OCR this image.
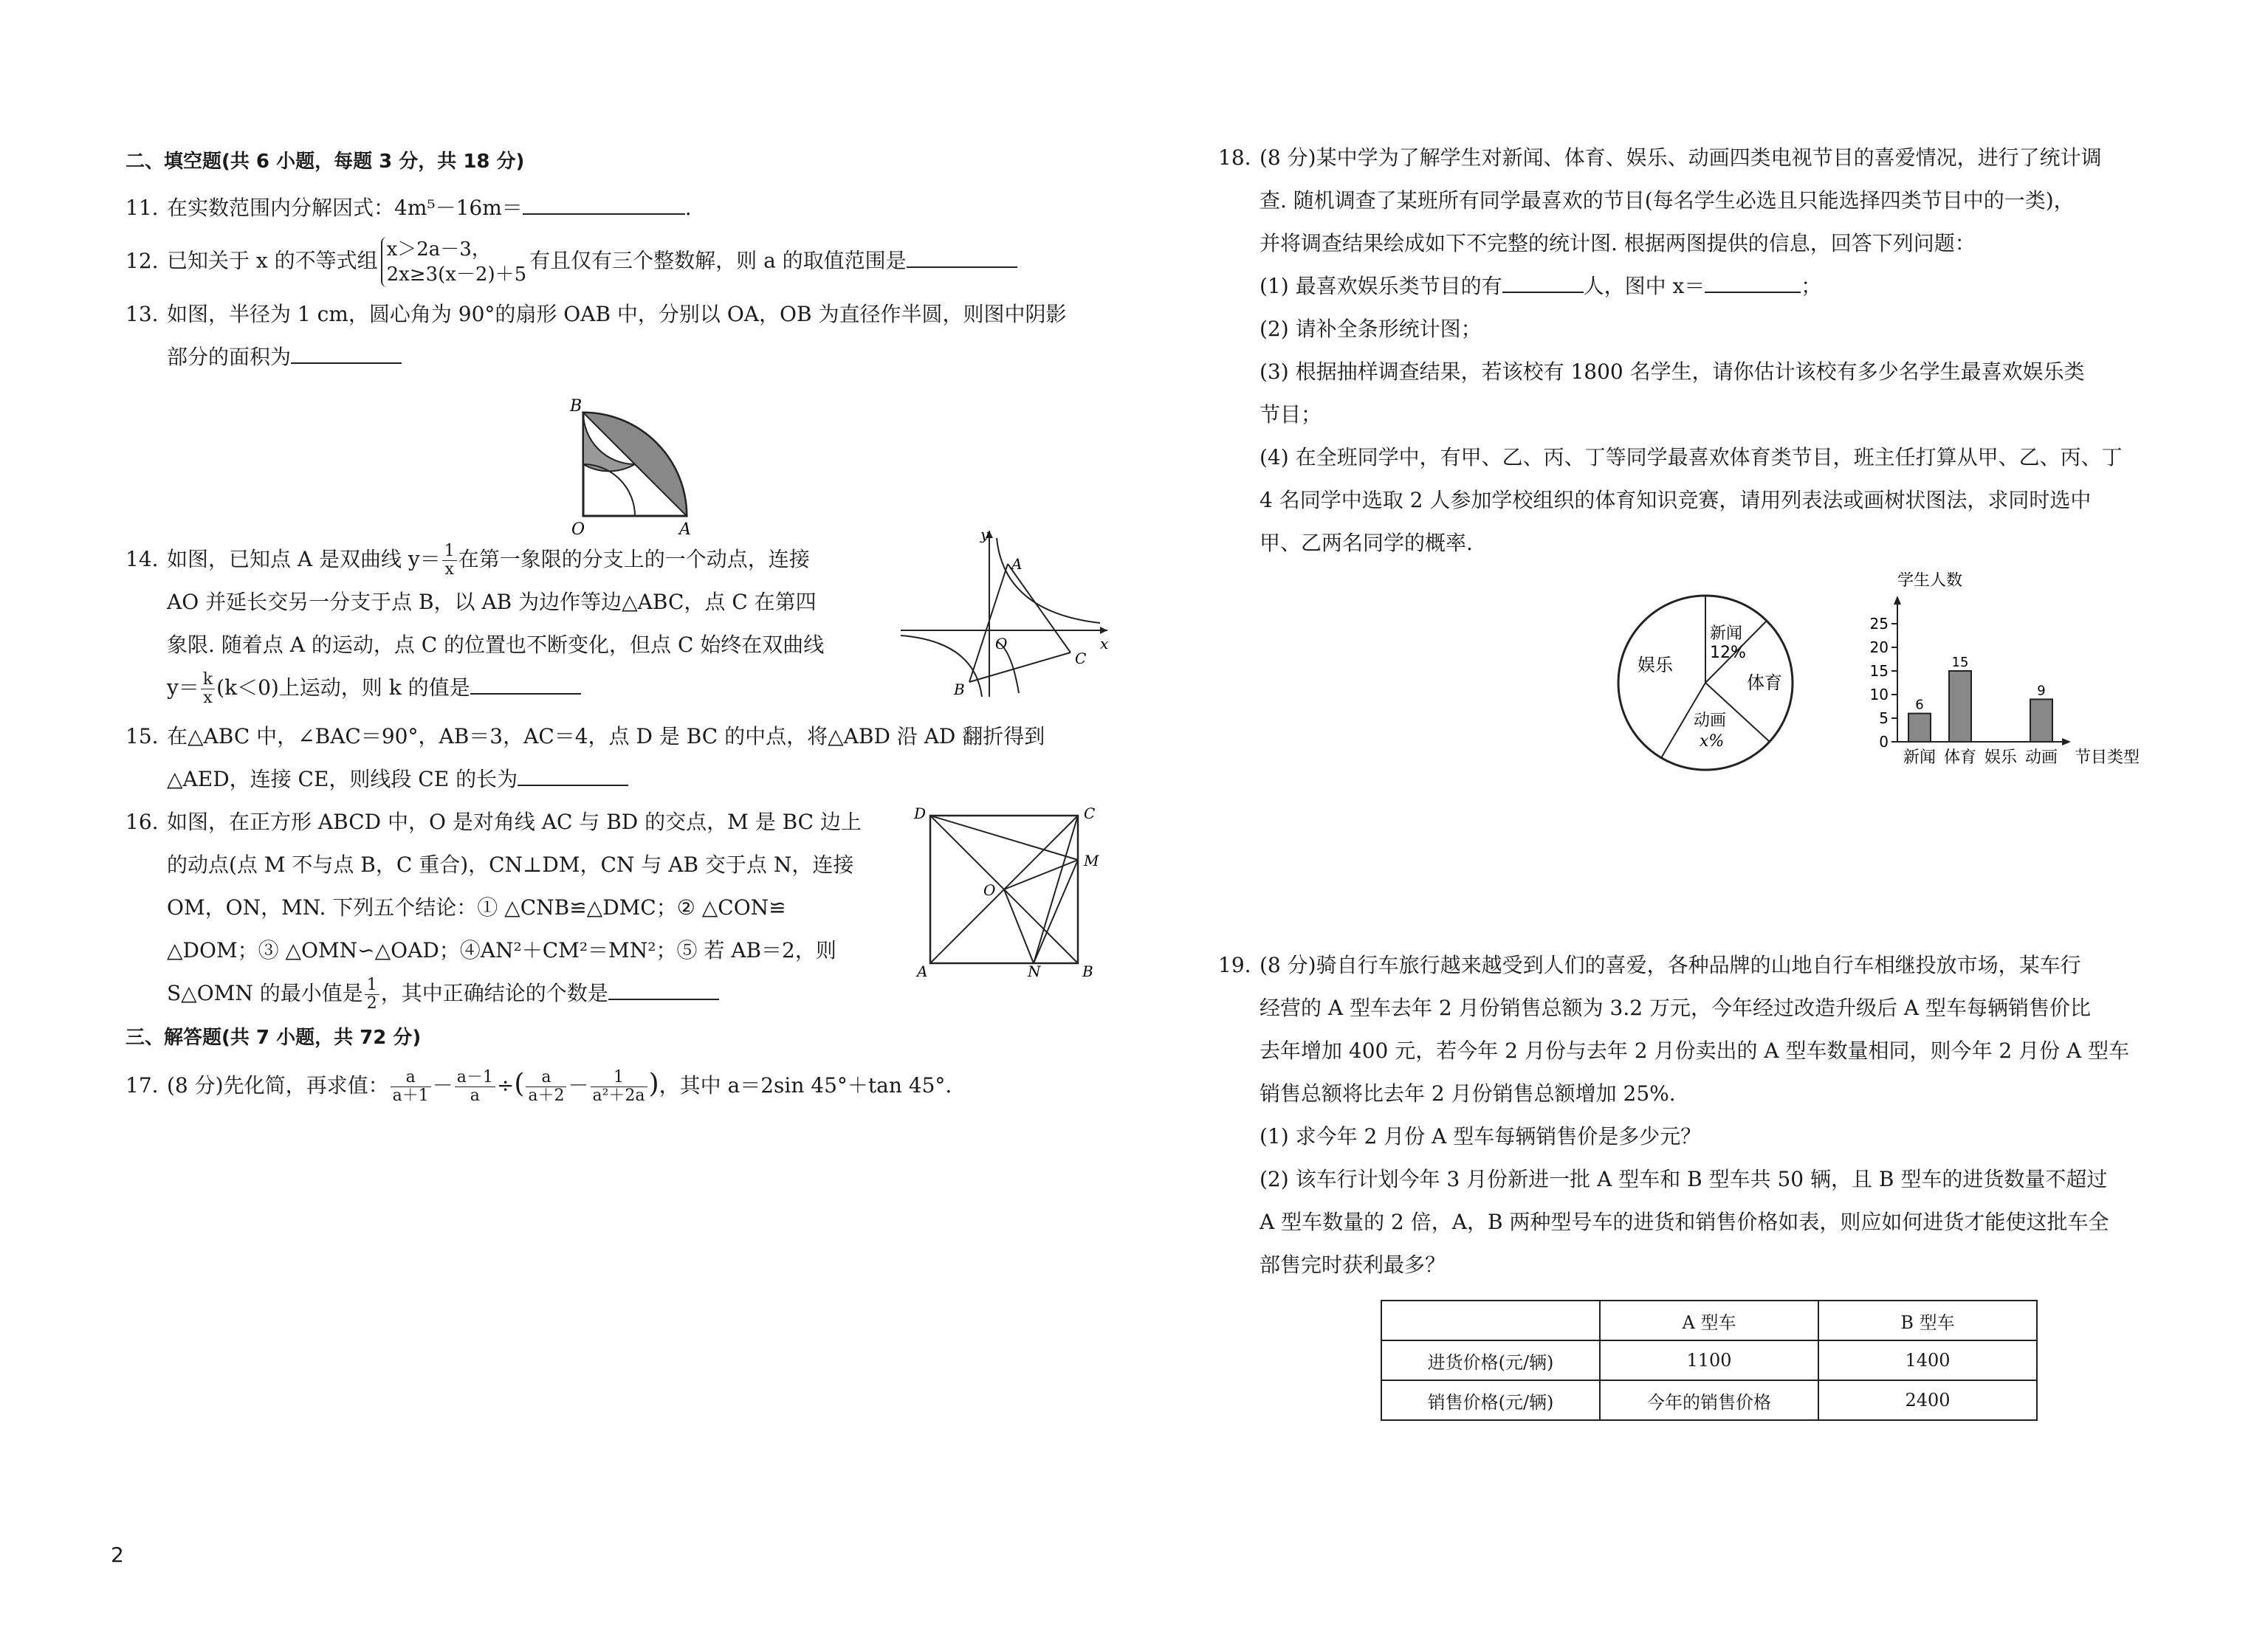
二、填空题(共 6 小题，每题 3 分，共 18 分)
11. 在实数范围内分解因式：4m⁵－16m＝	.
12. 已知关于 x 的不等式组 x＞2a－3，
2x≥3(x－2)＋5
有且仅有三个整数解，则 a 的取值范围是
13. 如图，半径为 1 cm，圆心角为 90°的扇形 OAB 中，分别以 OA，OB 为直径作半圆，则图中阴影
部分的面积为
B
O	A
14. 如图，已知点 A 是双曲线 $y= \frac{1}{x}$ 在第一象限的分支上的一个动点，连接
AO 并延长交另一分支于点 B，以 AB 为边作等边△ABC，点 C 在第四
象限. 随着点 A 的运动，点 C 的位置也不断变化，但点 C 始终在双曲线
$y= \frac{k}{x} (k<0)$上运动，则 k 的值是
y
x
A
O
B
C
15. 在△ABC 中，∠BAC＝90°，AB＝3，AC＝4，点 D 是 BC 的中点，将△ABD 沿 AD 翻折得到
△AED，连接 CE，则线段 CE 的长为
16. 如图，在正方形 ABCD 中，O 是对角线 AC 与 BD 的交点，M 是 BC 边上
的动点(点 M 不与点 B，C 重合)，CN⊥DM，CN 与 AB 交于点 N，连接
OM，ON，MN. 下列五个结论：① △CNB≌△DMC；② △CON≌
△DOM；③ △OMN∽△OAD；④AN²＋CM²＝MN²；⑤ 若 AB＝2，则
S△OMN 的最小值是 $\frac{1}{2}$ ，其中正确结论的个数是
D	C
M
O
A	N	B
三、解答题(共 7 小题，共 72 分)
17. (8 分)先化简，再求值： $\frac{a}{a+1} - \frac{a-1}{a}$ ÷( $\frac{a}{a+2} - \frac{1}{\text{a²＋2a}}$ )，其中 a＝2sin 45°＋tan 45°.
18. (8 分)某中学为了解学生对新闻、体育、娱乐、动画四类电视节目的喜爱情况，进行了统计调
查. 随机调查了某班所有同学最喜欢的节目(每名学生必选且只能选择四类节目中的一类)，
并将调查结果绘成如下不完整的统计图. 根据两图提供的信息，回答下列问题：
(1) 最喜欢娱乐类节目的有	人，图中 x＝	；
(2) 请补全条形统计图；
(3) 根据抽样调查结果，若该校有 1800 名学生，请你估计该校有多少名学生最喜欢娱乐类
节目；
(4) 在全班同学中，有甲、乙、丙、丁等同学最喜欢体育类节目，班主任打算从甲、乙、丙、丁
4 名同学中选取 2 人参加学校组织的体育知识竞赛，请用列表法或画树状图法，求同时选中
甲、乙两名同学的概率.
新闻
12%
体育
动画
x%
娱乐
学生人数
节目类型
0
5
10
15
20
25
6
新闻
15
体育 娱乐
9
动画
19. (8 分)骑自行车旅行越来越受到人们的喜爱，各种品牌的山地自行车相继投放市场，某车行
经营的 A 型车去年 2 月份销售总额为 3.2 万元，今年经过改造升级后 A 型车每辆销售价比
去年增加 400 元，若今年 2 月份与去年 2 月份卖出的 A 型车数量相同，则今年 2 月份 A 型车
销售总额将比去年 2 月份销售总额增加 25%.
(1) 求今年 2 月份 A 型车每辆销售价是多少元？
(2) 该车行计划今年 3 月份新进一批 A 型车和 B 型车共 50 辆，且 B 型车的进货数量不超过
A 型车数量的 2 倍，A，B 两种型号车的进货和销售价格如表，则应如何进货才能使这批车全
部售完时获利最多？
	A 型车	B 型车
进货价格(元/辆)	1100	1400
销售价格(元/辆)	今年的销售价格	2400
2
